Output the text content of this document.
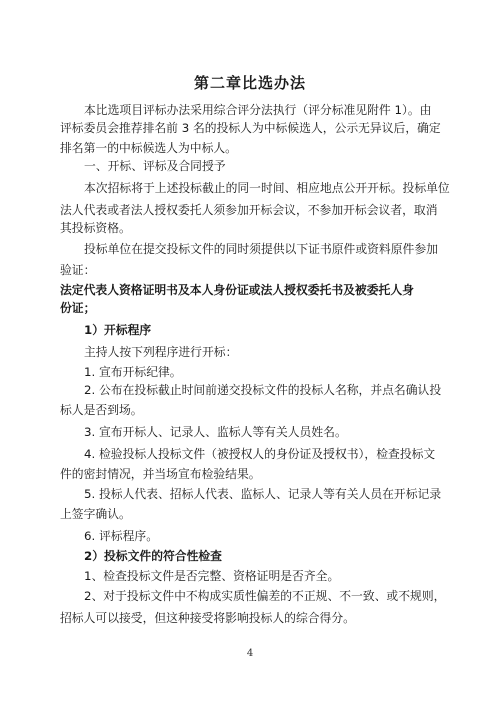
第二章比选办法
本比选项目评标办法采用综合评分法执行（评分标准见附件 1）。由
评标委员会推荐排名前 3 名的投标人为中标候选人，公示无异议后，确定
排名第一的中标候选人为中标人。
一、开标、评标及合同授予
本次招标将于上述投标截止的同一时间、相应地点公开开标。投标单位
法人代表或者法人授权委托人须参加开标会议，不参加开标会议者，取消
其投标资格。
投标单位在提交投标文件的同时须提供以下证书原件或资料原件参加
验证：
法定代表人资格证明书及本人身份证或法人授权委托书及被委托人身
份证；
1）开标程序
主持人按下列程序进行开标：
1. 宣布开标纪律。
2. 公布在投标截止时间前递交投标文件的投标人名称，并点名确认投
标人是否到场。
3. 宣布开标人、记录人、监标人等有关人员姓名。
4. 检验投标人投标文件（被授权人的身份证及授权书），检查投标文
件的密封情况，并当场宣布检验结果。
5. 投标人代表、招标人代表、监标人、记录人等有关人员在开标记录
上签字确认。
6. 评标程序。
2）投标文件的符合性检查
1、检查投标文件是否完整、资格证明是否齐全。
2、对于投标文件中不构成实质性偏差的不正规、不一致、或不规则，
招标人可以接受，但这种接受将影响投标人的综合得分。
4
